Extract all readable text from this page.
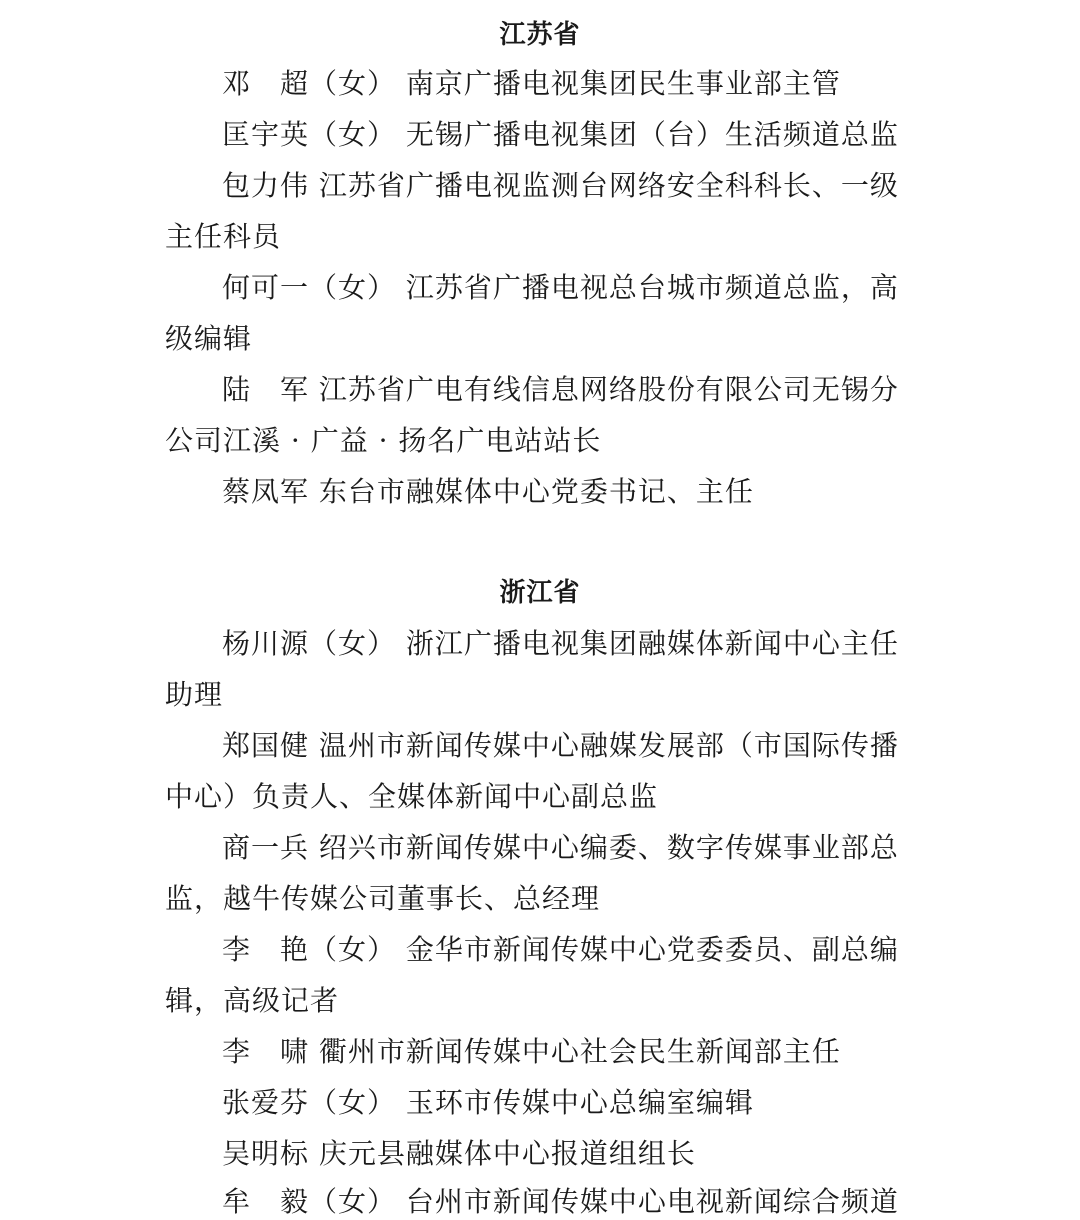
江苏省
邓　超（女） 南京广播电视集团民生事业部主管
匡宇英（女） 无锡广播电视集团（台）生活频道总监
包力伟 江苏省广播电视监测台网络安全科科长、一级
主任科员
何可一（女） 江苏省广播电视总台城市频道总监，高
级编辑
陆　军 江苏省广电有线信息网络股份有限公司无锡分
公司江溪 · 广益 · 扬名广电站站长
蔡凤军 东台市融媒体中心党委书记、主任
浙江省
杨川源（女） 浙江广播电视集团融媒体新闻中心主任
助理
郑国健 温州市新闻传媒中心融媒发展部（市国际传播
中心）负责人、全媒体新闻中心副总监
商一兵 绍兴市新闻传媒中心编委、数字传媒事业部总
监，越牛传媒公司董事长、总经理
李　艳（女） 金华市新闻传媒中心党委委员、副总编
辑，高级记者
李　啸 衢州市新闻传媒中心社会民生新闻部主任
张爱芬（女） 玉环市传媒中心总编室编辑
吴明标 庆元县融媒体中心报道组组长
牟　毅（女） 台州市新闻传媒中心电视新闻综合频道
